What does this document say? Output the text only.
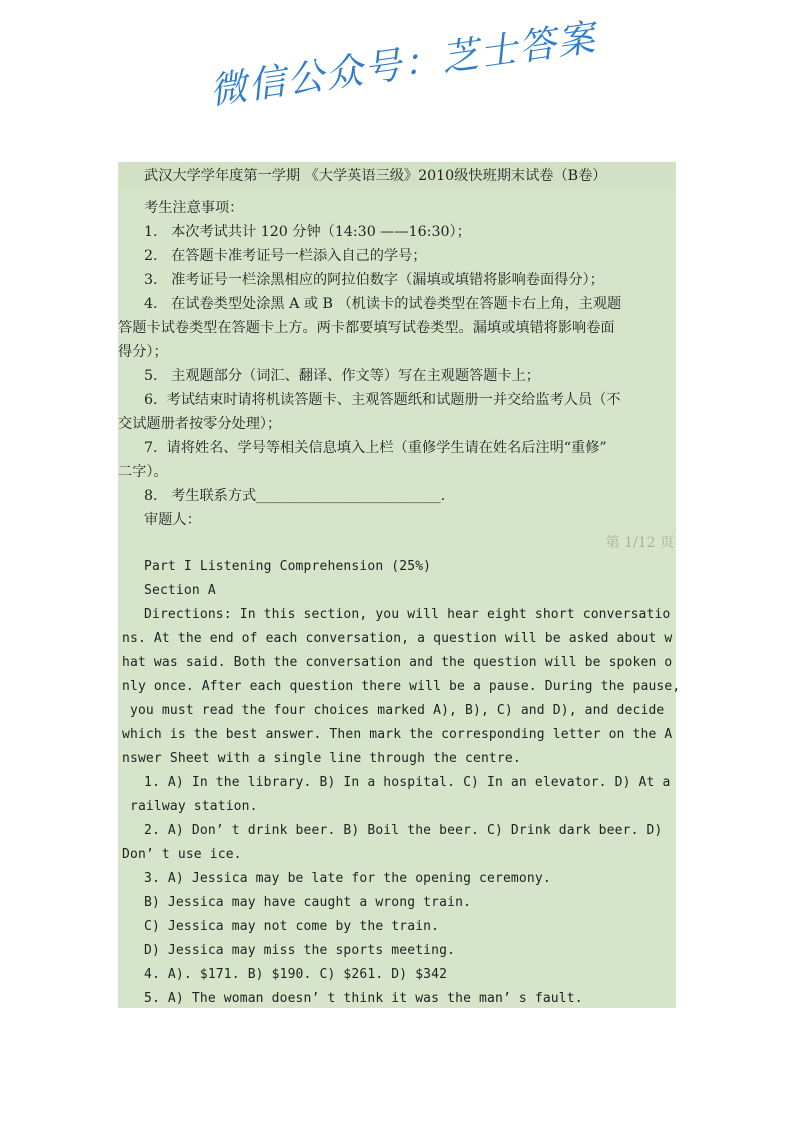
武汉大学学年度第一学期 《大学英语三级》2010级快班期末试卷（B卷）
考生注意事项：
1.   本次考试共计 120 分钟（14:30 ——16:30）；
2.   在答题卡准考证号一栏添入自己的学号；
3.   准考证号一栏涂黑相应的阿拉伯数字（漏填或填错将影响卷面得分）；
4.   在试卷类型处涂黑 A 或 B （机读卡的试卷类型在答题卡右上角，主观题
答题卡试卷类型在答题卡上方。两卡都要填写试卷类型。漏填或填错将影响卷面
得分）；
5.   主观题部分（词汇、翻译、作文等）写在主观题答题卡上；
6.  考试结束时请将机读答题卡、主观答题纸和试题册一并交给监考人员（不
交试题册者按零分处理）；
7.  请将姓名、学号等相关信息填入上栏（重修学生请在姓名后注明“重修”
二字）。
8.   考生联系方式__________________________.
审题人：
第 1/12 页
Part I Listening Comprehension (25%)
Section A
Directions: In this section, you will hear eight short conversatio
ns. At the end of each conversation, a question will be asked about w
hat was said. Both the conversation and the question will be spoken o
nly once. After each question there will be a pause. During the pause,
you must read the four choices marked A), B), C) and D), and decide
which is the best answer. Then mark the corresponding letter on the A
nswer Sheet with a single line through the centre.
1. A) In the library. B) In a hospital. C) In an elevator. D) At a
railway station.
2. A) Don’ t drink beer. B) Boil the beer. C) Drink dark beer. D)
Don’ t use ice.
3. A) Jessica may be late for the opening ceremony.
B) Jessica may have caught a wrong train.
C) Jessica may not come by the train.
D) Jessica may miss the sports meeting.
4. A). $171. B) $190. C) $261. D) $342
5. A) The woman doesn’ t think it was the man’ s fault.
微信公众号：芝士答案
